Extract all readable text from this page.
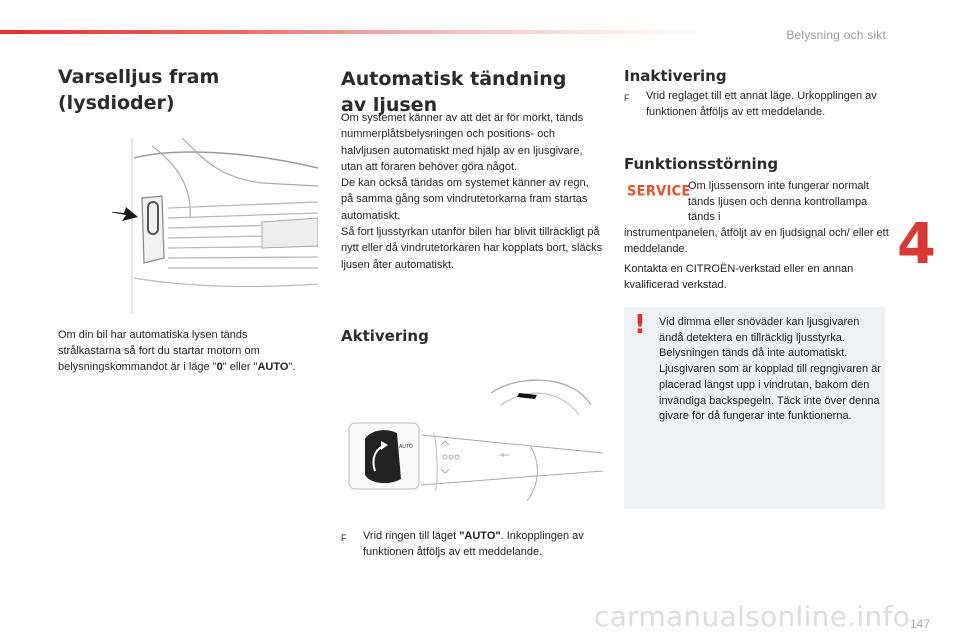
Belysning och sikt
4
147
carmanualsonline.info

Varselljus fram
(lysdioder)

Om din bil har automatiska lysen tänds strålkastarna så fort du startar motorn om belysningskommandot är i läge "0" eller "AUTO".
Automatisk tändning av ljusen

Om systemet känner av att det är för mörkt, tänds nummerplåtsbelysningen och positions- och halvljusen automatiskt med hjälp av en ljusgivare, utan att föraren behöver göra något.
De kan också tändas om systemet känner av regn, på samma gång som vindrutetorkarna fram startas automatiskt.
Så fort ljusstyrkan utanför bilen har blivit tillräckligt på nytt eller då vindrutetorkaren har kopplats bort, släcks ljusen åter automatiskt.

Aktivering
AUTO
F	Vrid ringen till läget "AUTO". Inkopplingen av funktionen åtföljs av ett meddelande.
Inaktivering
F	Vrid reglaget till ett annat läge. Urkopplingen av funktionen åtföljs av ett meddelande.
Funktionsstörning
SERVICE

Om ljussensorn inte fungerar normalt tänds ljusen och denna kontrollampa tänds i

instrumentpanelen, åtföljt av en ljudsignal och/ eller ett meddelande.

Kontakta en CITROËN-verkstad eller en annan kvalificerad verkstad.

! Vid dimma eller snöväder kan ljusgivaren ändå detektera en tillräcklig ljusstyrka. Belysningen tänds då inte automatiskt.
Ljusgivaren som är kopplad till regngivaren är placerad längst upp i vindrutan, bakom den invändiga backspegeln. Täck inte över denna givare för då fungerar inte funktionerna.
